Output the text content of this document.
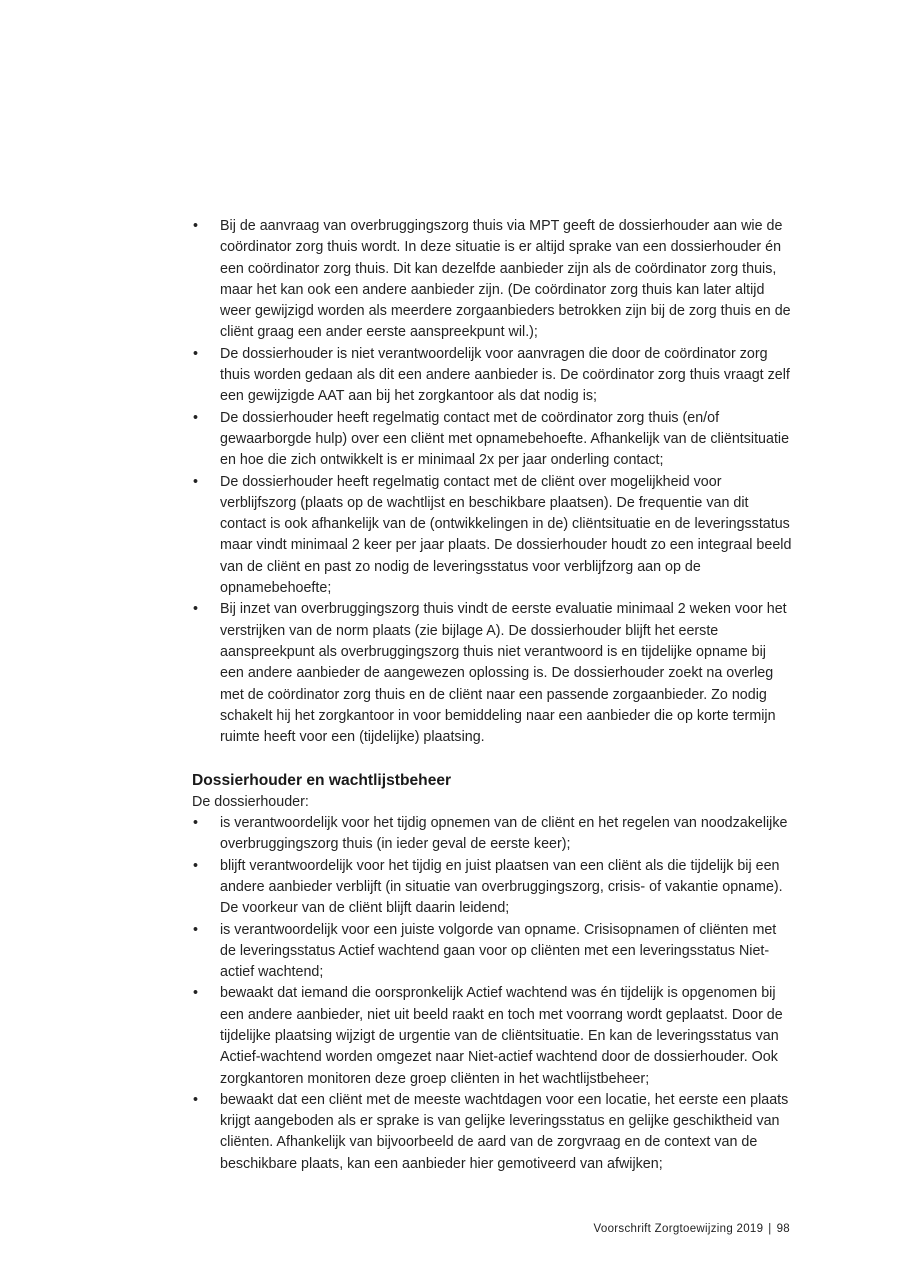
• Bij de aanvraag van overbruggingszorg thuis via MPT geeft de dossierhouder aan wie de coördinator zorg thuis wordt. In deze situatie is er altijd sprake van een dossierhouder én een coördinator zorg thuis. Dit kan dezelfde aanbieder zijn als de coördinator zorg thuis, maar het kan ook een andere aanbieder zijn. (De coördinator zorg thuis kan later altijd weer gewijzigd worden als meerdere zorgaanbieders betrokken zijn bij de zorg thuis en de cliënt graag een ander eerste aanspreekpunt wil.);
• De dossierhouder is niet verantwoordelijk voor aanvragen die door de coördinator zorg thuis worden gedaan als dit een andere aanbieder is. De coördinator zorg thuis vraagt zelf een gewijzigde AAT aan bij het zorgkantoor als dat nodig is;
• De dossierhouder heeft regelmatig contact met de coördinator zorg thuis (en/of gewaarborgde hulp) over een cliënt met opnamebehoefte. Afhankelijk van de cliëntsituatie en hoe die zich ontwikkelt is er minimaal 2x per jaar onderling contact;
• De dossierhouder heeft regelmatig contact met de cliënt over mogelijkheid voor verblijfszorg (plaats op de wachtlijst en beschikbare plaatsen). De frequentie van dit contact is ook afhankelijk van de (ontwikkelingen in de) cliëntsituatie en de leveringsstatus maar vindt minimaal 2 keer per jaar plaats. De dossierhouder houdt zo een integraal beeld van de cliënt en past zo nodig de leveringsstatus voor verblijfzorg aan op de opnamebehoefte;
• Bij inzet van overbruggingszorg thuis vindt de eerste evaluatie minimaal 2 weken voor het verstrijken van de norm plaats (zie bijlage A). De dossierhouder blijft het eerste aanspreekpunt als overbruggingszorg thuis niet verantwoord is en tijdelijke opname bij een andere aanbieder de aangewezen oplossing is. De dossierhouder zoekt na overleg met de coördinator zorg thuis en de cliënt naar een passende zorgaanbieder. Zo nodig schakelt hij het zorgkantoor in voor bemiddeling naar een aanbieder die op korte termijn ruimte heeft voor een (tijdelijke) plaatsing.
Dossierhouder en wachtlijstbeheer

De dossierhouder:

• is verantwoordelijk voor het tijdig opnemen van de cliënt en het regelen van noodzakelijke overbruggingszorg thuis (in ieder geval de eerste keer);
• blijft verantwoordelijk voor het tijdig en juist plaatsen van een cliënt als die tijdelijk bij een andere aanbieder verblijft (in situatie van overbruggingszorg, crisis- of vakantie opname). De voorkeur van de cliënt blijft daarin leidend;
• is verantwoordelijk voor een juiste volgorde van opname. Crisisopnamen of cliënten met de leveringsstatus Actief wachtend gaan voor op cliënten met een leveringsstatus Niet-actief wachtend;
• bewaakt dat iemand die oorspronkelijk Actief wachtend was én tijdelijk is opgenomen bij een andere aanbieder, niet uit beeld raakt en toch met voorrang wordt geplaatst. Door de tijdelijke plaatsing wijzigt de urgentie van de cliëntsituatie. En kan de leveringsstatus van Actief-wachtend worden omgezet naar Niet-actief wachtend door de dossierhouder. Ook zorgkantoren monitoren deze groep cliënten in het wachtlijstbeheer;
• bewaakt dat een cliënt met de meeste wachtdagen voor een locatie, het eerste een plaats krijgt aangeboden als er sprake is van gelijke leveringsstatus en gelijke geschiktheid van cliënten. Afhankelijk van bijvoorbeeld de aard van de zorgvraag en de context van de beschikbare plaats, kan een aanbieder hier gemotiveerd van afwijken;
Voorschrift Zorgtoewijzing 2019 | 98
